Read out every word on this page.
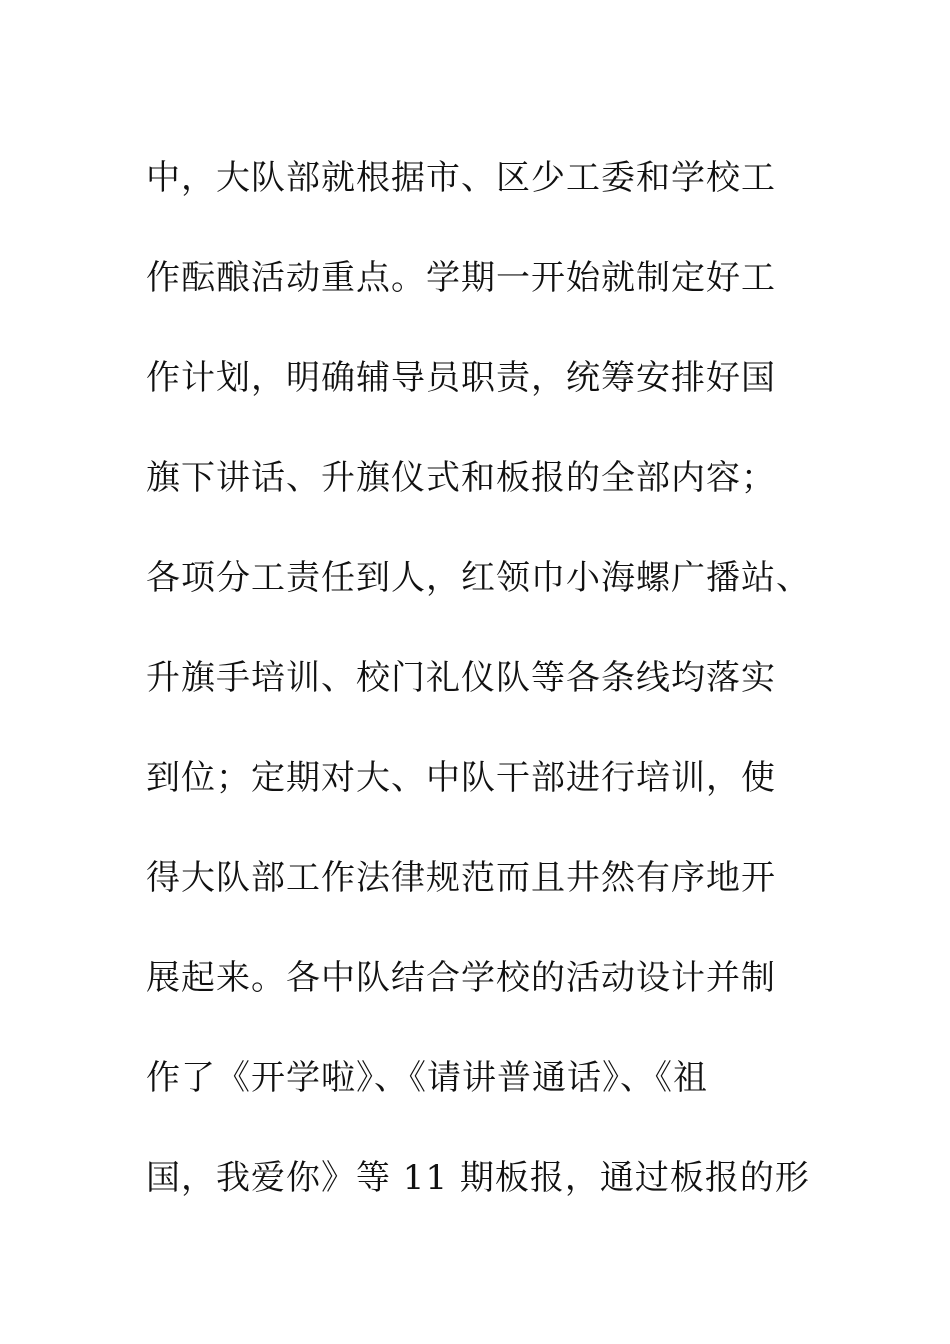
中，大队部就根据市、区少工委和学校工
作酝酿活动重点。学期一开始就制定好工
作计划，明确辅导员职责，统筹安排好国
旗下讲话、升旗仪式和板报的全部内容；
各项分工责任到人，红领巾小海螺广播站、
升旗手培训、校门礼仪队等各条线均落实
到位；定期对大、中队干部进行培训，使
得大队部工作法律规范而且井然有序地开
展起来。各中队结合学校的活动设计并制
作了《开学啦》、《请讲普通话》、《祖
国，我爱你》等 11 期板报，通过板报的形
